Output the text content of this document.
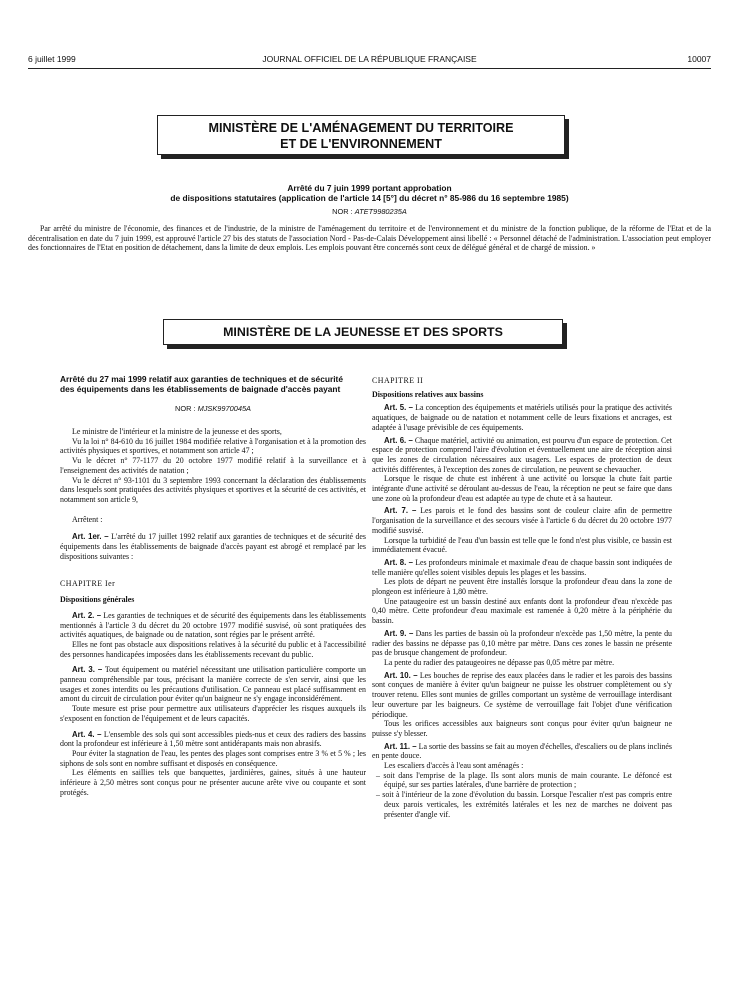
6 juillet 1999	JOURNAL OFFICIEL DE LA RÉPUBLIQUE FRANÇAISE	10007
MINISTÈRE DE L'AMÉNAGEMENT DU TERRITOIRE
ET DE L'ENVIRONNEMENT
Arrêté du 7 juin 1999 portant approbation
de dispositions statutaires (application de l'article 14 [5°] du décret n° 85-986 du 16 septembre 1985)
NOR : ATET9980235A

Par arrêté du ministre de l'économie, des finances et de l'industrie, de la ministre de l'aménagement du territoire et de l'environnement et du ministre de la fonction publique, de la réforme de l'Etat et de la décentralisation en date du 7 juin 1999, est approuvé l'article 27 bis des statuts de l'association Nord - Pas-de-Calais Développement ainsi libellé : « Personnel détaché de l'administration. L'association peut employer des fonctionnaires de l'Etat en position de détachement, dans la limite de deux emplois. Les emplois pouvant être concernés sont ceux de délégué général et de chargé de mission. »

MINISTÈRE DE LA JEUNESSE ET DES SPORTS
Arrêté du 27 mai 1999 relatif aux garanties de techniques et de sécurité des équipements dans les établissements de baignade d'accès payant
NOR : MJSK9970045A

Le ministre de l'intérieur et la ministre de la jeunesse et des sports,

Vu la loi n° 84-610 du 16 juillet 1984 modifiée relative à l'organisation et à la promotion des activités physiques et sportives, et notamment son article 47 ;

Vu le décret n° 77-1177 du 20 octobre 1977 modifié relatif à la surveillance et à l'enseignement des activités de natation ;

Vu le décret n° 93-1101 du 3 septembre 1993 concernant la déclaration des établissements dans lesquels sont pratiquées des activités physiques et sportives et la sécurité de ces activités, et notamment son article 9,

Arrêtent :

Art. 1er. – L'arrêté du 17 juillet 1992 relatif aux garanties de techniques et de sécurité des équipements dans les établissements de baignade d'accès payant est abrogé et remplacé par les dispositions suivantes :

CHAPITRE Ier

Dispositions générales

Art. 2. – Les garanties de techniques et de sécurité des équipements dans les établissements mentionnés à l'article 3 du décret du 20 octobre 1977 modifié susvisé, où sont pratiquées des activités aquatiques, de baignade ou de natation, sont régies par le présent arrêté.

Elles ne font pas obstacle aux dispositions relatives à la sécurité du public et à l'accessibilité des personnes handicapées imposées dans les établissements recevant du public.

Art. 3. – Tout équipement ou matériel nécessitant une utilisation particulière comporte un panneau compréhensible par tous, précisant la manière correcte de s'en servir, ainsi que les usages et zones interdits ou les précautions d'utilisation. Ce panneau est placé suffisamment en amont du circuit de circulation pour éviter qu'un baigneur ne s'y engage inconsidérément.

Toute mesure est prise pour permettre aux utilisateurs d'apprécier les risques auxquels ils s'exposent en fonction de l'équipement et de leurs capacités.

Art. 4. – L'ensemble des sols qui sont accessibles pieds-nus et ceux des radiers des bassins dont la profondeur est inférieure à 1,50 mètre sont antidérapants mais non abrasifs.

Pour éviter la stagnation de l'eau, les pentes des plages sont comprises entre 3 % et 5 % ; les siphons de sols sont en nombre suffisant et disposés en conséquence.

Les éléments en saillies tels que banquettes, jardinières, gaines, situés à une hauteur inférieure à 2,50 mètres sont conçus pour ne présenter aucune arête vive ou coupante et sont protégés.

CHAPITRE II

Dispositions relatives aux bassins

Art. 5. – La conception des équipements et matériels utilisés pour la pratique des activités aquatiques, de baignade ou de natation et notamment celle de leurs fixations et ancrages, est adaptée à l'usage prévisible de ces équipements.

Art. 6. – Chaque matériel, activité ou animation, est pourvu d'un espace de protection. Cet espace de protection comprend l'aire d'évolution et éventuellement une aire de réception ainsi que les zones de circulation nécessaires aux usagers. Les espaces de protection de deux activités différentes, à l'exception des zones de circulation, ne peuvent se chevaucher.

Lorsque le risque de chute est inhérent à une activité ou lorsque la chute fait partie intégrante d'une activité se déroulant au-dessus de l'eau, la réception ne peut se faire que dans une zone où la profondeur d'eau est adaptée au type de chute et à sa hauteur.

Art. 7. – Les parois et le fond des bassins sont de couleur claire afin de permettre l'organisation de la surveillance et des secours visée à l'article 6 du décret du 20 octobre 1977 modifié susvisé.

Lorsque la turbidité de l'eau d'un bassin est telle que le fond n'est plus visible, ce bassin est immédiatement évacué.

Art. 8. – Les profondeurs minimale et maximale d'eau de chaque bassin sont indiquées de telle manière qu'elles soient visibles depuis les plages et les bassins.

Les plots de départ ne peuvent être installés lorsque la profondeur d'eau dans la zone de plongeon est inférieure à 1,80 mètre.

Une pataugeoire est un bassin destiné aux enfants dont la profondeur d'eau n'excède pas 0,40 mètre. Cette profondeur d'eau maximale est ramenée à 0,20 mètre à la périphérie du bassin.

Art. 9. – Dans les parties de bassin où la profondeur n'excède pas 1,50 mètre, la pente du radier des bassins ne dépasse pas 0,10 mètre par mètre. Dans ces zones le bassin ne présente pas de brusque changement de profondeur.

La pente du radier des pataugeoires ne dépasse pas 0,05 mètre par mètre.

Art. 10. – Les bouches de reprise des eaux placées dans le radier et les parois des bassins sont conçues de manière à éviter qu'un baigneur ne puisse les obstruer complètement ou s'y trouver retenu. Elles sont munies de grilles comportant un système de verrouillage interdisant leur ouverture par les baigneurs. Ce système de verrouillage fait l'objet d'une vérification périodique.

Tous les orifices accessibles aux baigneurs sont conçus pour éviter qu'un baigneur ne puisse s'y blesser.

Art. 11. – La sortie des bassins se fait au moyen d'échelles, d'escaliers ou de plans inclinés en pente douce.

Les escaliers d'accès à l'eau sont aménagés :

– soit dans l'emprise de la plage. Ils sont alors munis de main courante. Le défoncé est équipé, sur ses parties latérales, d'une barrière de protection ;
– soit à l'intérieur de la zone d'évolution du bassin. Lorsque l'escalier n'est pas compris entre deux parois verticales, les extrémités latérales et les nez de marches ne doivent pas présenter d'angle vif.
